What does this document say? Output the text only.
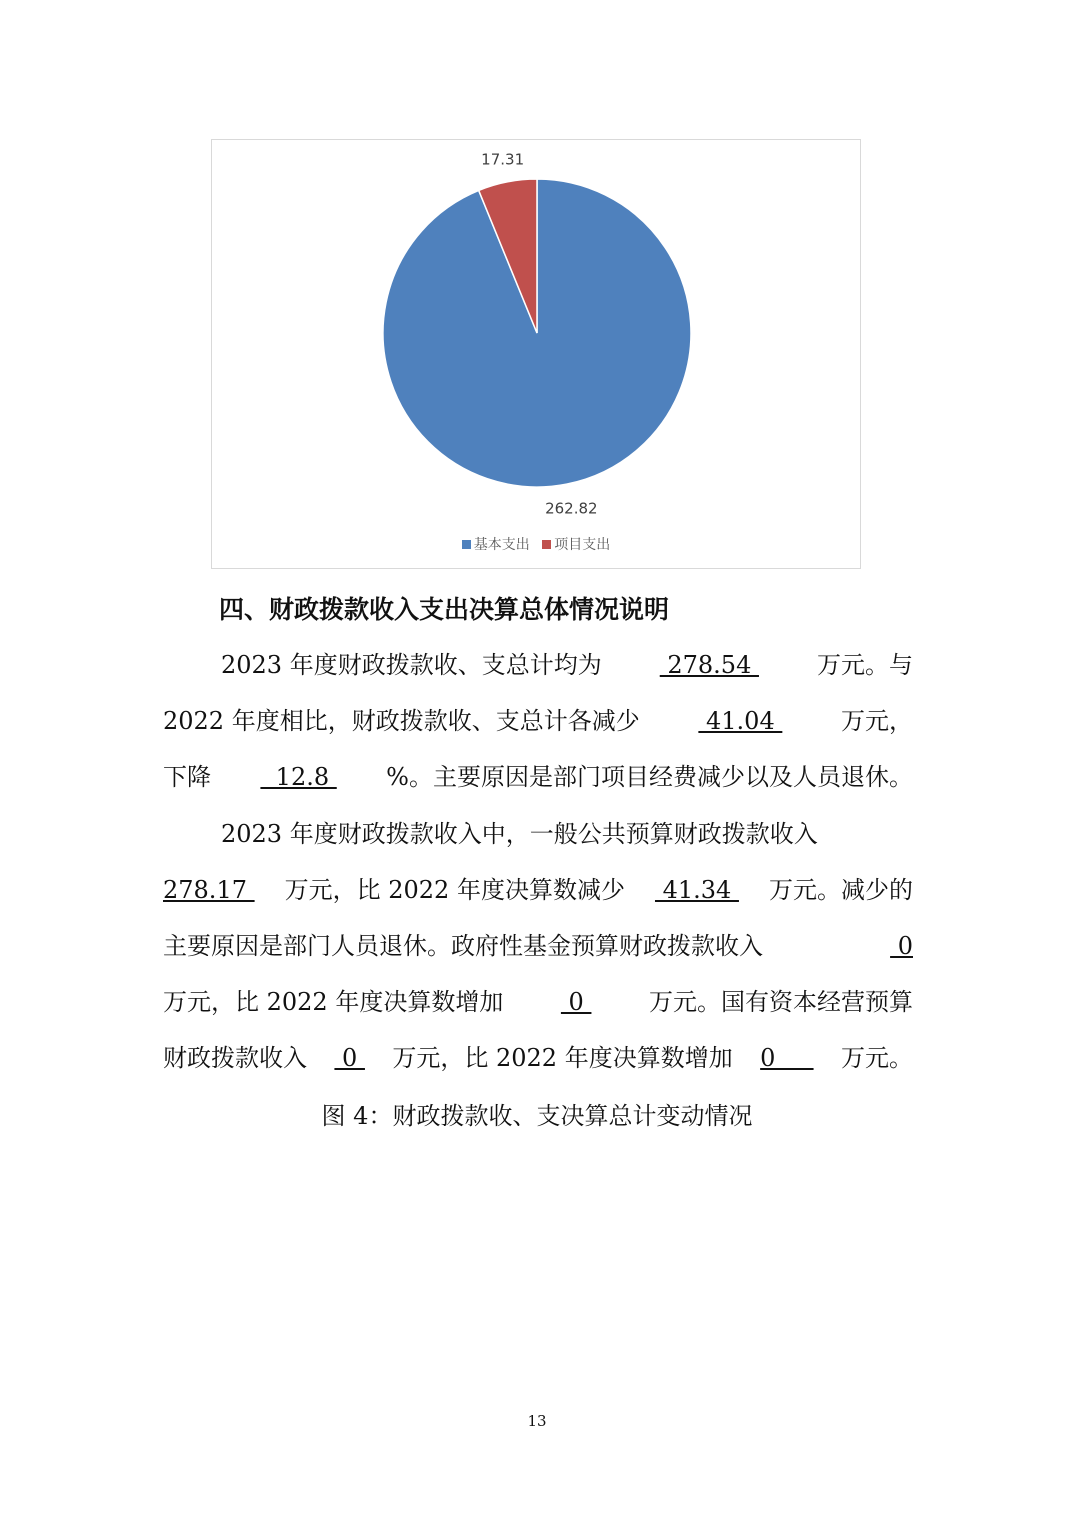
262.82
17.31
基本支出 项目支出
四、财政拨款收入支出决算总体情况说明
2023 年度财政拨款收、支总计均为 278.54 万元。与
2022 年度相比，财政拨款收、支总计各减少 41.04 万元，
下降 12.8 %。主要原因是部门项目经费减少以及人员退休。
2023 年度财政拨款收入中，一般公共预算财政拨款收入
278.17 万元，比 2022 年度决算数减少 41.34 万元。减少的
主要原因是部门人员退休。政府性基金预算财政拨款收入	0
万元，比 2022 年度决算数增加 0 万元。国有资本经营预算
财政拨款收入 0 万元，比 2022 年度决算数增加 0 万元。
图 4：财政拨款收、支决算总计变动情况
13
